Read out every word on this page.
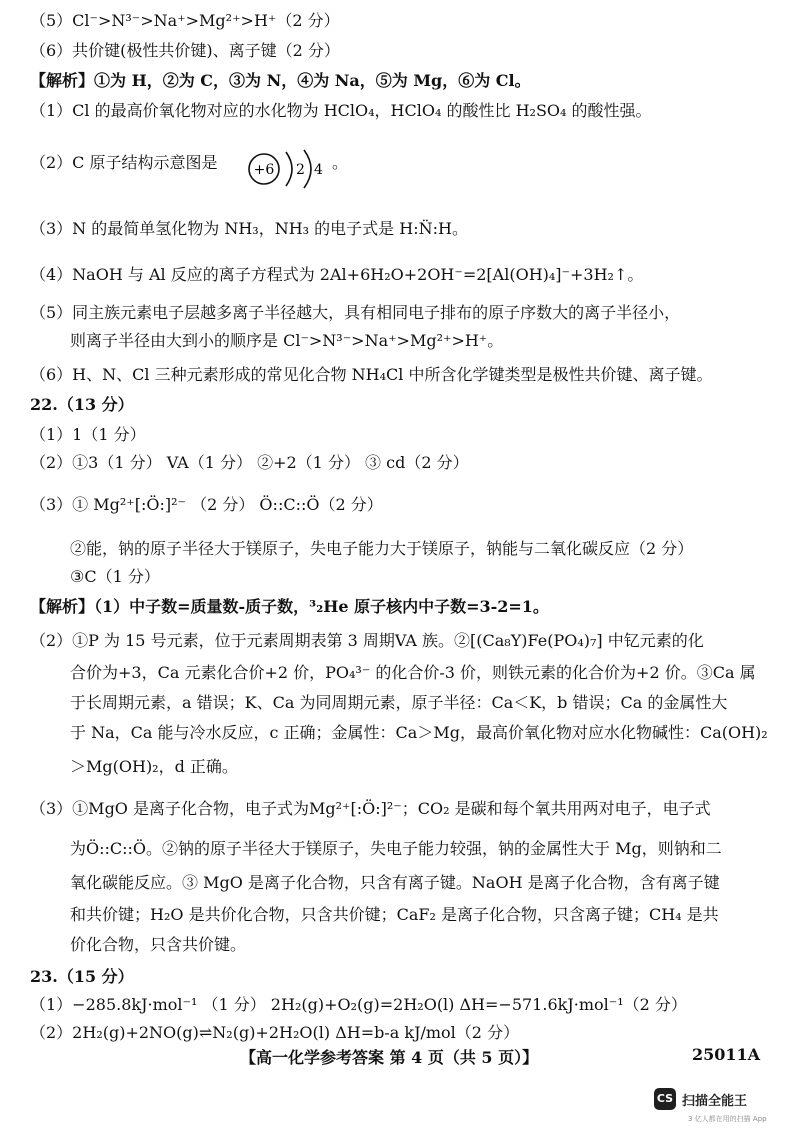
（5）Cl⁻>N³⁻>Na⁺>Mg²⁺>H⁺（2 分）
（6）共价键(极性共价键)、离子键（2 分）
【解析】①为 H，②为 C，③为 N，④为 Na，⑤为 Mg，⑥为 Cl。
（1）Cl 的最高价氧化物对应的水化物为 HClO₄，HClO₄ 的酸性比 H₂SO₄ 的酸性强。
（2）C 原子结构示意图是	+6 2 4 。
（3）N 的最简单氢化物为 NH₃，NH₃ 的电子式是 H:N̈:H。
（4）NaOH 与 Al 反应的离子方程式为 2Al+6H₂O+2OH⁻=2[Al(OH)₄]⁻+3H₂↑。
（5）同主族元素电子层越多离子半径越大，具有相同电子排布的原子序数大的离子半径小，
则离子半径由大到小的顺序是 Cl⁻>N³⁻>Na⁺>Mg²⁺>H⁺。
（6）H、N、Cl 三种元素形成的常见化合物 NH₄Cl 中所含化学键类型是极性共价键、离子键。
22.（13 分）
（1）1（1 分）
（2）①3（1 分） VA（1 分） ②+2（1 分） ③ cd（2 分）
（3）① Mg²⁺[:Ö:]²⁻ （2 分） Ö::C::Ö（2 分）
②能，钠的原子半径大于镁原子，失电子能力大于镁原子，钠能与二氧化碳反应（2 分）
③C（1 分）
【解析】（1）中子数=质量数-质子数，³₂He 原子核内中子数=3-2=1。
（2）①P 为 15 号元素，位于元素周期表第 3 周期VA 族。②[(Ca₈Y)Fe(PO₄)₇] 中钇元素的化
合价为+3，Ca 元素化合价+2 价，PO₄³⁻ 的化合价-3 价，则铁元素的化合价为+2 价。③Ca 属
于长周期元素，a 错误；K、Ca 为同周期元素，原子半径：Ca＜K，b 错误；Ca 的金属性大
于 Na，Ca 能与冷水反应，c 正确；金属性：Ca＞Mg，最高价氧化物对应水化物碱性：Ca(OH)₂
＞Mg(OH)₂，d 正确。
（3）①MgO 是离子化合物，电子式为Mg²⁺[:Ö:]²⁻；CO₂ 是碳和每个氧共用两对电子，电子式
为Ö::C::Ö。②钠的原子半径大于镁原子，失电子能力较强，钠的金属性大于 Mg，则钠和二
氧化碳能反应。③ MgO 是离子化合物，只含有离子键。NaOH 是离子化合物，含有离子键
和共价键；H₂O 是共价化合物，只含共价键；CaF₂ 是离子化合物，只含离子键；CH₄ 是共
价化合物，只含共价键。
23.（15 分）
（1）−285.8kJ·mol⁻¹ （1 分） 2H₂(g)+O₂(g)=2H₂O(l) ΔH=−571.6kJ·mol⁻¹（2 分）
（2）2H₂(g)+2NO(g)⇌N₂(g)+2H₂O(l) ΔH=b-a kJ/mol（2 分）
【高一化学参考答案 第 4 页（共 5 页）】	25011A
CS 扫描全能王
3 亿人都在用的扫描 App
